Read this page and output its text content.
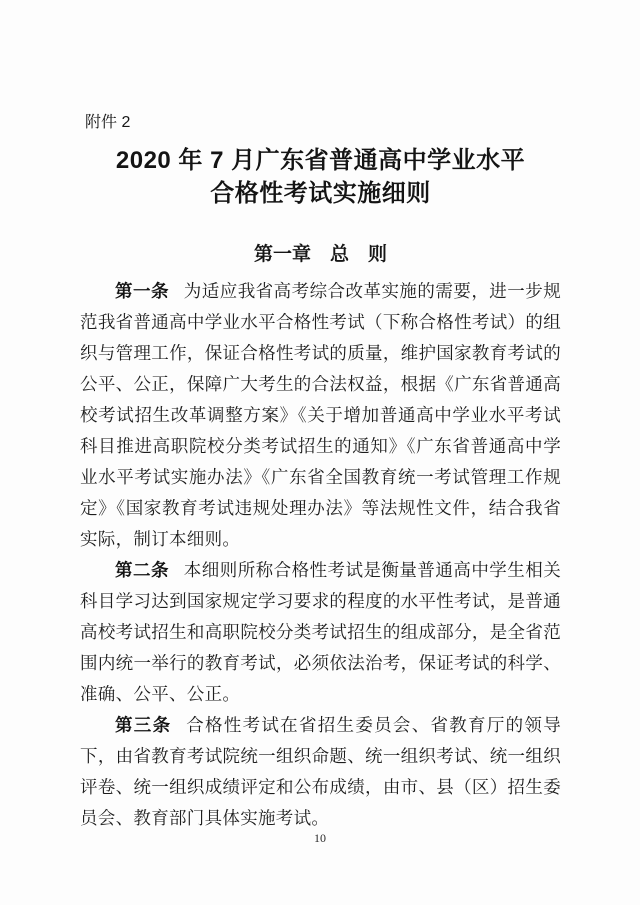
附件 2
2020 年 7 月广东省普通高中学业水平
合格性考试实施细则
第一章　总　则

第一条 为适应我省高考综合改革实施的需要，进一步规范我省普通高中学业水平合格性考试（下称合格性考试）的组织与管理工作，保证合格性考试的质量，维护国家教育考试的公平、公正，保障广大考生的合法权益，根据《广东省普通高校考试招生改革调整方案》《关于增加普通高中学业水平考试科目推进高职院校分类考试招生的通知》《广东省普通高中学业水平考试实施办法》《广东省全国教育统一考试管理工作规定》《国家教育考试违规处理办法》等法规性文件，结合我省实际，制订本细则。

第二条 本细则所称合格性考试是衡量普通高中学生相关科目学习达到国家规定学习要求的程度的水平性考试，是普通高校考试招生和高职院校分类考试招生的组成部分，是全省范围内统一举行的教育考试，必须依法治考，保证考试的科学、准确、公平、公正。

第三条 合格性考试在省招生委员会、省教育厅的领导下，由省教育考试院统一组织命题、统一组织考试、统一组织评卷、统一组织成绩评定和公布成绩，由市、县（区）招生委员会、教育部门具体实施考试。

10
